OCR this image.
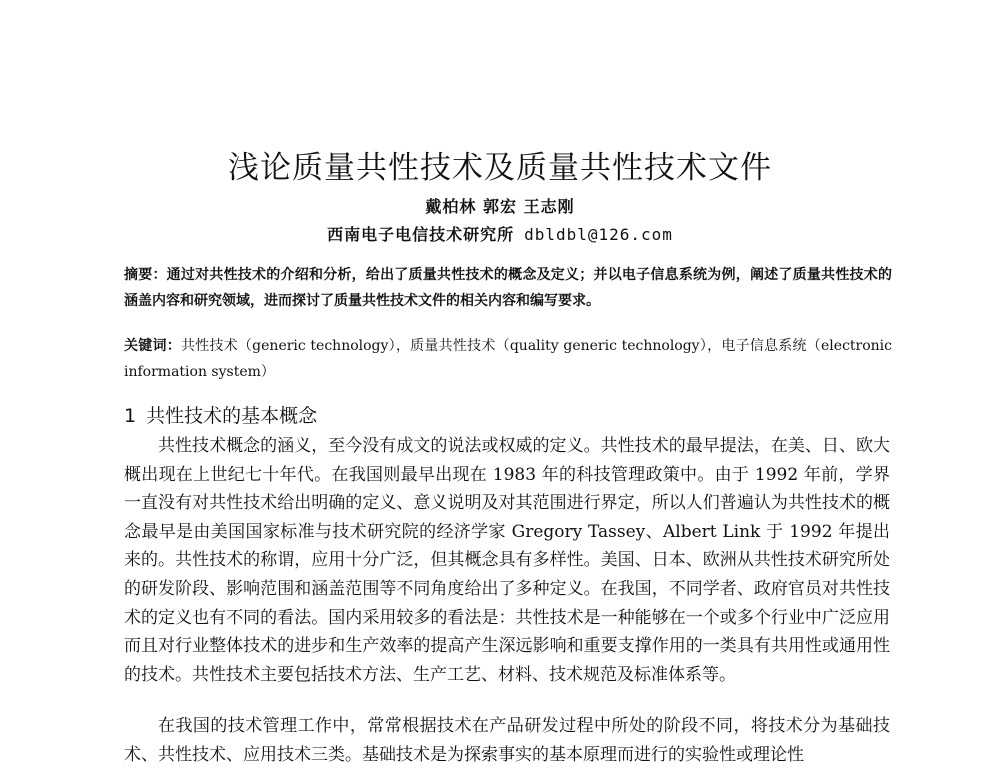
浅论质量共性技术及质量共性技术文件
戴柏林 郭宏 王志刚
西南电子电信技术研究所 dbldbl@126.com
摘要：通过对共性技术的介绍和分析，给出了质量共性技术的概念及定义；并以电子信息系统为例，阐述了质量共性技术的涵盖内容和研究领域，进而探讨了质量共性技术文件的相关内容和编写要求。
关键词：共性技术（generic technology），质量共性技术（quality generic technology），电子信息系统（electronic information system）
1 共性技术的基本概念
共性技术概念的涵义，至今没有成文的说法或权威的定义。共性技术的最早提法，在美、日、欧大概出现在上世纪七十年代。在我国则最早出现在 1983 年的科技管理政策中。由于 1992 年前，学界一直没有对共性技术给出明确的定义、意义说明及对其范围进行界定，所以人们普遍认为共性技术的概念最早是由美国国家标准与技术研究院的经济学家 Gregory Tassey、Albert Link 于 1992 年提出来的。共性技术的称谓，应用十分广泛，但其概念具有多样性。美国、日本、欧洲从共性技术研究所处的研发阶段、影响范围和涵盖范围等不同角度给出了多种定义。在我国，不同学者、政府官员对共性技术的定义也有不同的看法。国内采用较多的看法是：共性技术是一种能够在一个或多个行业中广泛应用而且对行业整体技术的进步和生产效率的提高产生深远影响和重要支撑作用的一类具有共用性或通用性的技术。共性技术主要包括技术方法、生产工艺、材料、技术规范及标准体系等。
在我国的技术管理工作中，常常根据技术在产品研发过程中所处的阶段不同，将技术分为基础技术、共性技术、应用技术三类。基础技术是为探索事实的基本原理而进行的实验性或理论性
